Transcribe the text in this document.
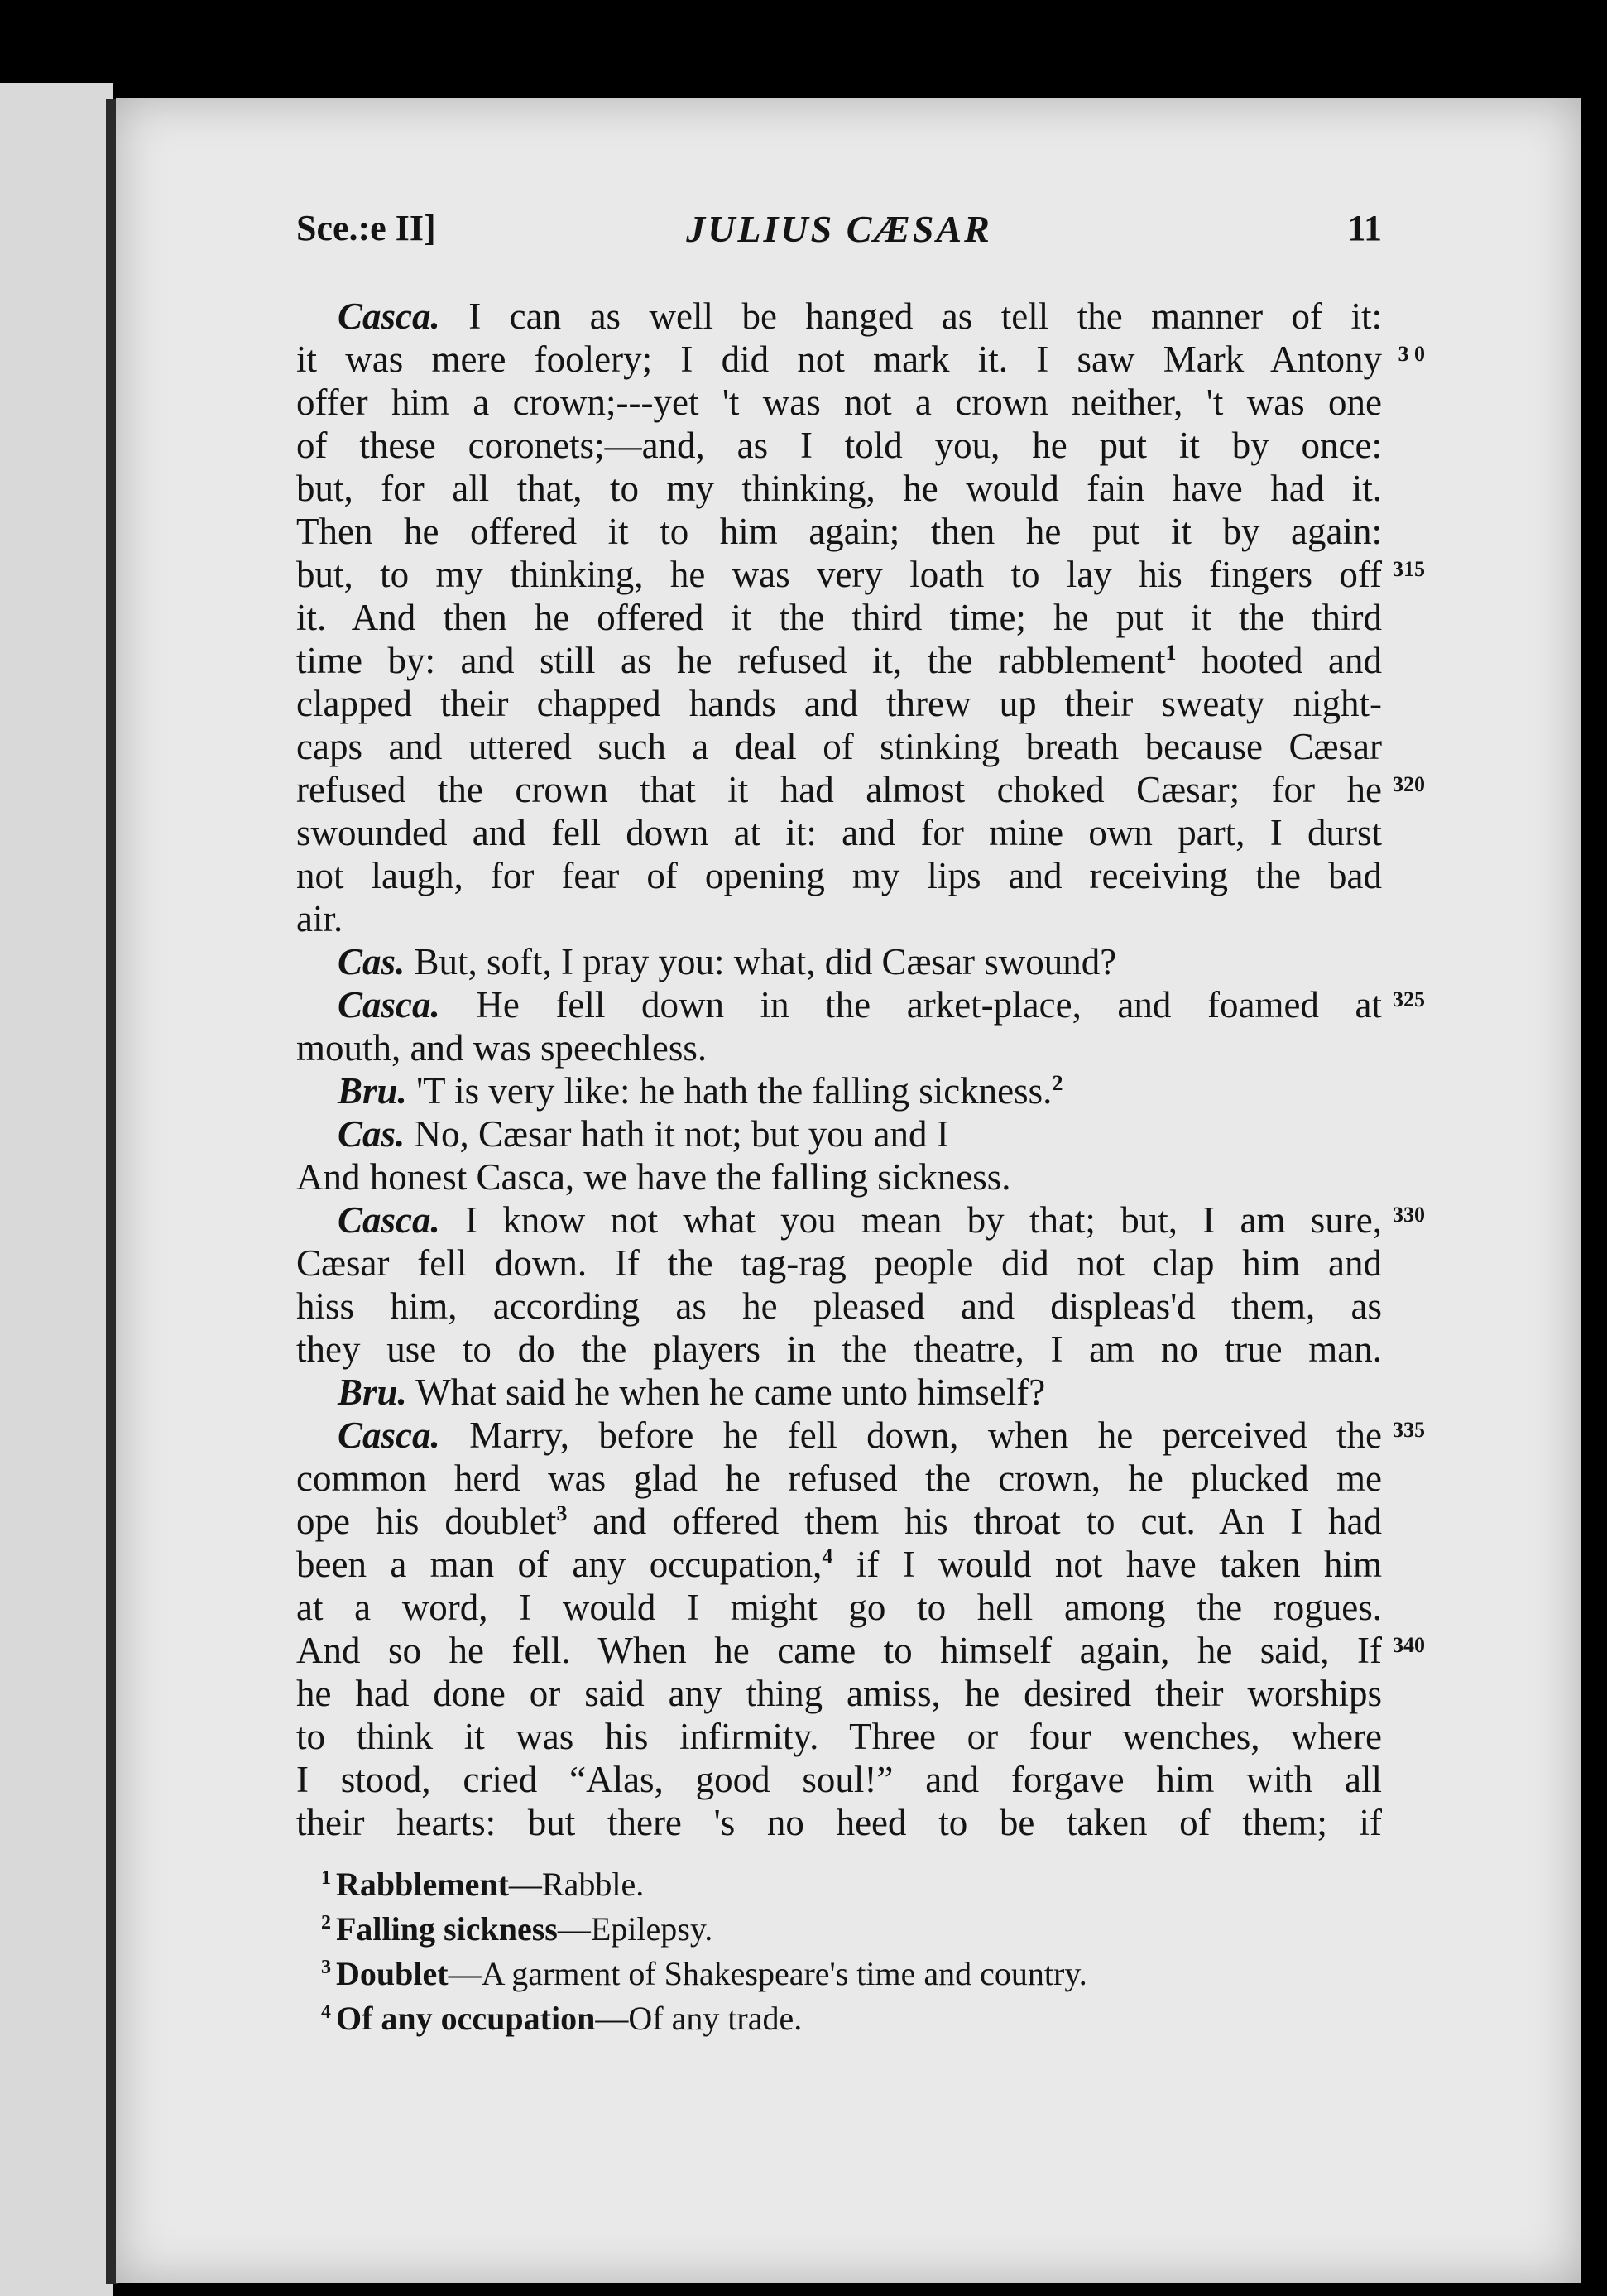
Sce.:e II]	JULIUS CÆSAR	11
Casca. I can as well be hanged as tell the manner of it:
it was mere foolery; I did not mark it. I saw Mark Antony 3 0
offer him a crown;-‑-yet 't was not a crown neither, 't was one
of these coronets;—and, as I told you, he put it by once:
but, for all that, to my thinking, he would fain have had it.
Then he offered it to him again; then he put it by again:
but, to my thinking, he was very loath to lay his fingers off 315
it. And then he offered it the third time; he put it the third
time by: and still as he refused it, the rabblement$^1$ hooted and
clapped their chapped hands and threw up their sweaty night-
caps and uttered such a deal of stinking breath because Cæsar
refused the crown that it had almost choked Cæsar; for he 320
swounded and fell down at it: and for mine own part, I durst
not laugh, for fear of opening my lips and receiving the bad
air.
Cas. But, soft, I pray you: what, did Cæsar swound?
Casca. He fell down in the arket-place, and foamed at 325
mouth, and was speechless.
Bru. 'T is very like: he hath the falling sickness.$^2$
Cas. No, Cæsar hath it not; but you and I
And honest Casca, we have the falling sickness.
Casca. I know not what you mean by that; but, I am sure, 330
Cæsar fell down. If the tag-rag people did not clap him and
hiss him, according as he pleased and displeas'd them, as
they use to do the players in the theatre, I am no true man.
Bru. What said he when he came unto himself?
Casca. Marry, before he fell down, when he perceived the 335
common herd was glad he refused the crown, he plucked me
ope his doublet$^3$ and offered them his throat to cut. An I had
been a man of any occupation,$^4$ if I would not have taken him
at a word, I would I might go to hell among the rogues.
And so he fell. When he came to himself again, he said, If 340
he had done or said any thing amiss, he desired their worships
to think it was his infirmity. Three or four wenches, where
I stood, cried “Alas, good soul!” and forgave him with all
their hearts: but there 's no heed to be taken of them; if
$^1$ Rabblement—Rabble.
$^2$ Falling sickness—Epilepsy.
$^3$ Doublet—A garment of Shakespeare's time and country.
$^4$ Of any occupation—Of any trade.
